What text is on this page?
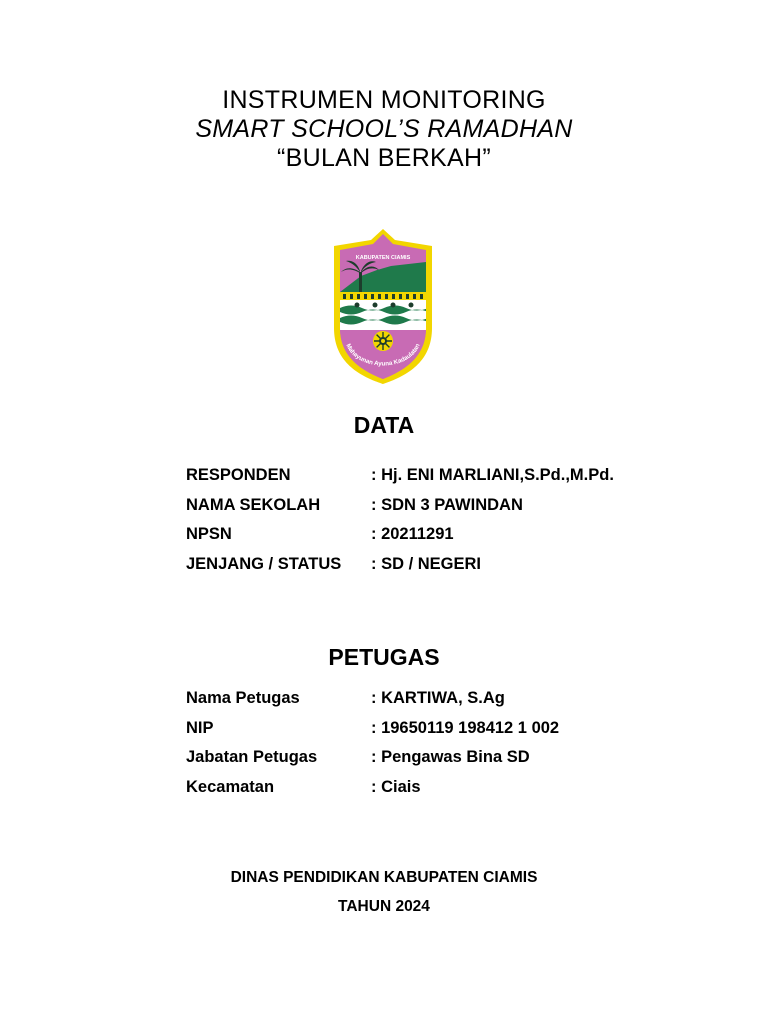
INSTRUMEN MONITORING
SMART SCHOOL’S RAMADHAN
“BULAN BERKAH”
KABUPATEN CIAMIS
Mahayunan Ayuna Kadaulatan
DATA
RESPONDEN	: Hj. ENI MARLIANI,S.Pd.,M.Pd.
NAMA SEKOLAH	: SDN 3 PAWINDAN
NPSN	: 20211291
JENJANG / STATUS	: SD / NEGERI
PETUGAS
Nama Petugas	: KARTIWA, S.Ag
NIP	: 19650119 198412 1 002
Jabatan Petugas	: Pengawas Bina SD
Kecamatan	: Ciais
DINAS PENDIDIKAN KABUPATEN CIAMIS
TAHUN 2024
